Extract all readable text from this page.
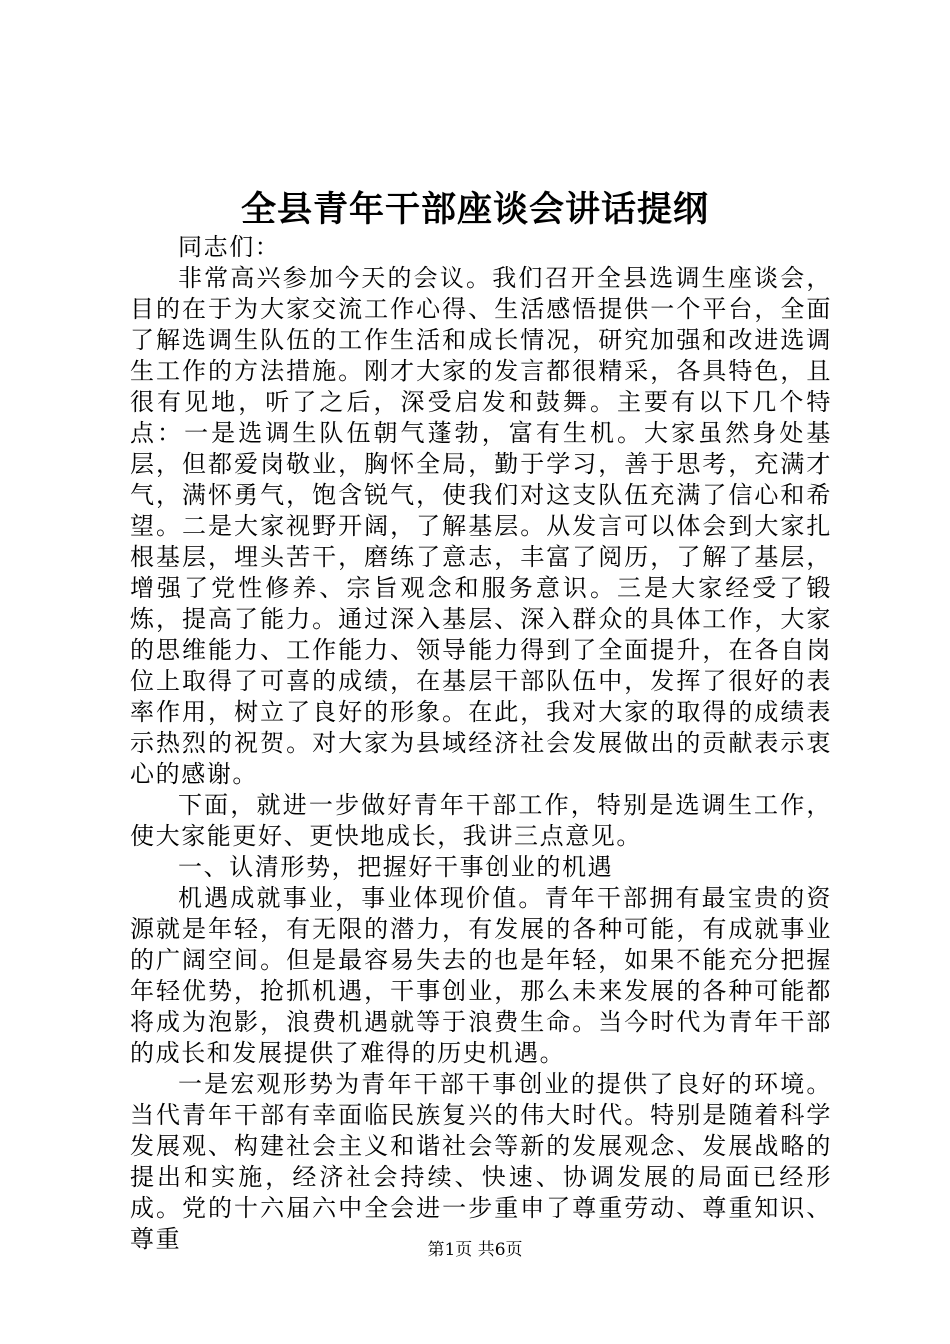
全县青年干部座谈会讲话提纲

同志们：

非常高兴参加今天的会议。我们召开全县选调生座谈会，目的在于为大家交流工作心得、生活感悟提供一个平台，全面了解选调生队伍的工作生活和成长情况，研究加强和改进选调生工作的方法措施。刚才大家的发言都很精采，各具特色，且很有见地，听了之后，深受启发和鼓舞。主要有以下几个特点：一是选调生队伍朝气蓬勃，富有生机。大家虽然身处基层，但都爱岗敬业，胸怀全局，勤于学习，善于思考，充满才气，满怀勇气，饱含锐气，使我们对这支队伍充满了信心和希望。二是大家视野开阔，了解基层。从发言可以体会到大家扎根基层，埋头苦干，磨练了意志，丰富了阅历，了解了基层，增强了党性修养、宗旨观念和服务意识。三是大家经受了锻炼，提高了能力。通过深入基层、深入群众的具体工作，大家的思维能力、工作能力、领导能力得到了全面提升，在各自岗位上取得了可喜的成绩，在基层干部队伍中，发挥了很好的表率作用，树立了良好的形象。在此，我对大家的取得的成绩表示热烈的祝贺。对大家为县域经济社会发展做出的贡献表示衷心的感谢。

下面，就进一步做好青年干部工作，特别是选调生工作，使大家能更好、更快地成长，我讲三点意见。

一、认清形势，把握好干事创业的机遇

机遇成就事业，事业体现价值。青年干部拥有最宝贵的资源就是年轻，有无限的潜力，有发展的各种可能，有成就事业的广阔空间。但是最容易失去的也是年轻，如果不能充分把握年轻优势，抢抓机遇，干事创业，那么未来发展的各种可能都将成为泡影，浪费机遇就等于浪费生命。当今时代为青年干部的成长和发展提供了难得的历史机遇。

一是宏观形势为青年干部干事创业的提供了良好的环境。当代青年干部有幸面临民族复兴的伟大时代。特别是随着科学发展观、构建社会主义和谐社会等新的发展观念、发展战略的提出和实施，经济社会持续、快速、协调发展的局面已经形成。党的十六届六中全会进一步重申了尊重劳动、尊重知识、尊重	第1页 共6页
